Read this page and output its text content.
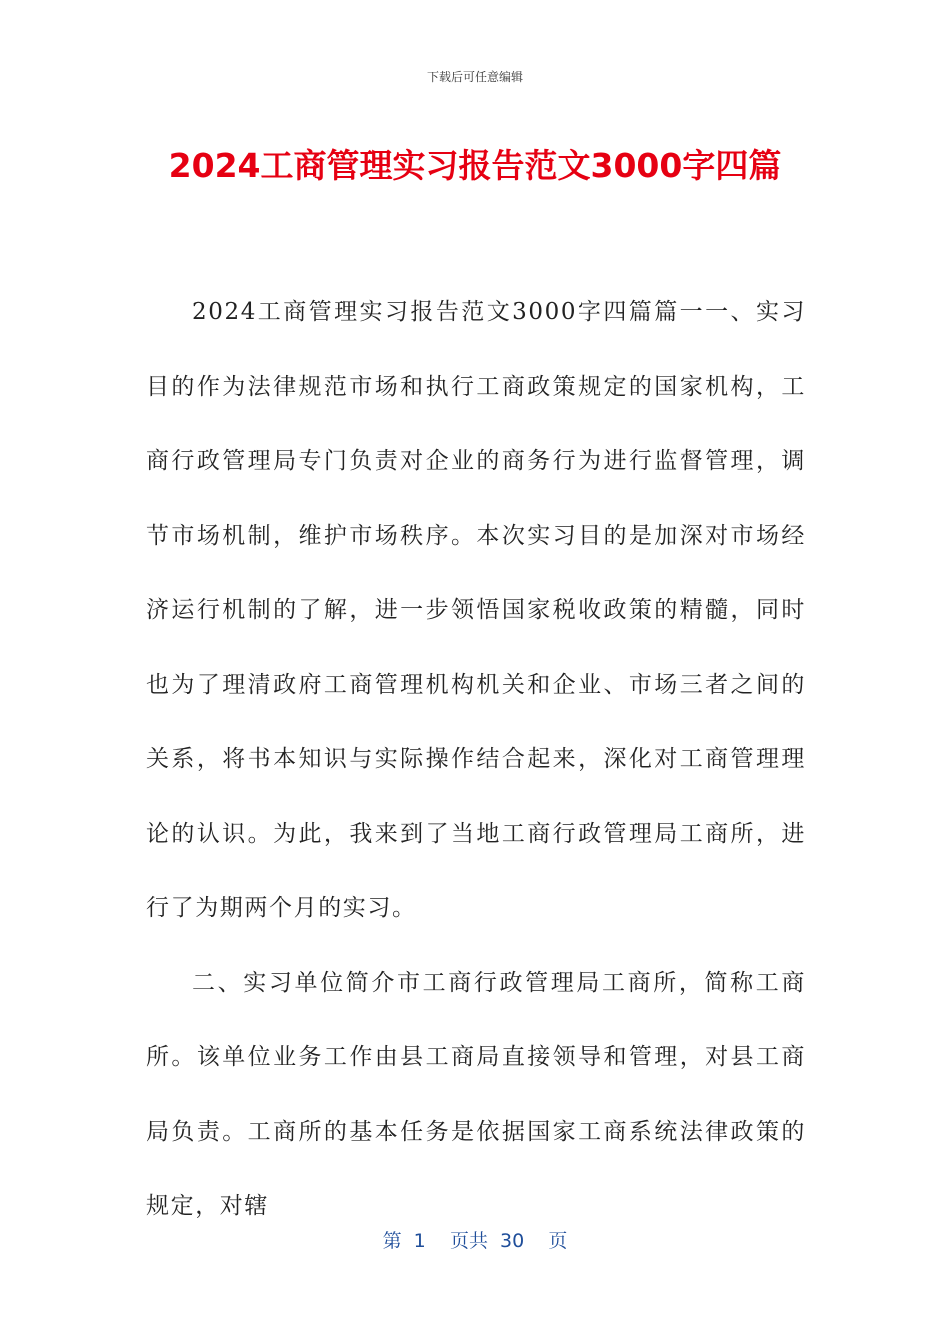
下载后可任意编辑
2024工商管理实习报告范文3000字四篇

2024工商管理实习报告范文3000字四篇篇一一、实习目的作为法律规范市场和执行工商政策规定的国家机构，工商行政管理局专门负责对企业的商务行为进行监督管理，调节市场机制，维护市场秩序。本次实习目的是加深对市场经济运行机制的了解，进一步领悟国家税收政策的精髓，同时也为了理清政府工商管理机构机关和企业、市场三者之间的关系，将书本知识与实际操作结合起来，深化对工商管理理论的认识。为此，我来到了当地工商行政管理局工商所，进行了为期两个月的实习。

二、实习单位简介市工商行政管理局工商所，简称工商所。该单位业务工作由县工商局直接领导和管理，对县工商局负责。工商所的基本任务是依据国家工商系统法律政策的规定，对辖

第 1 页共 30 页
